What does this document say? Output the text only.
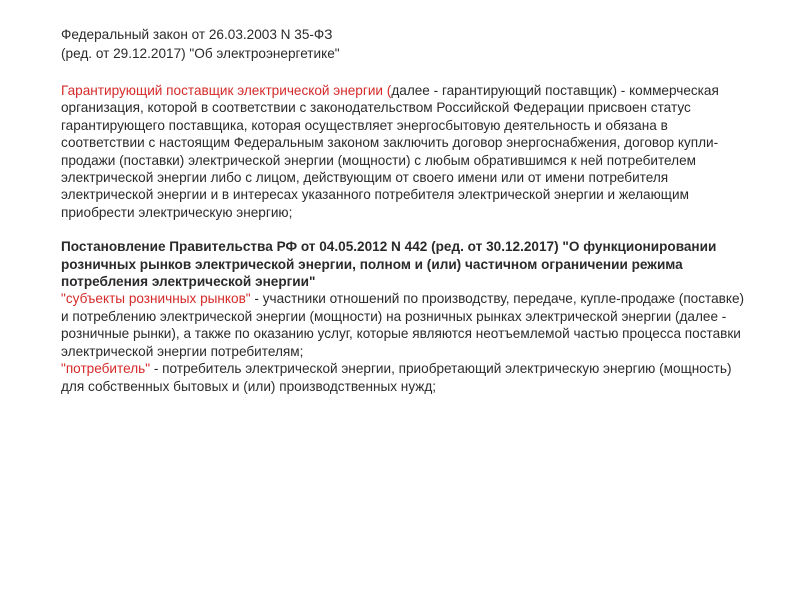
Федеральный закон от 26.03.2003 N 35-ФЗ
(ред. от 29.12.2017) "Об электроэнергетике"

Гарантирующий поставщик электрической энергии (далее - гарантирующий поставщик) - коммерческая организация, которой в соответствии с законодательством Российской Федерации присвоен статус гарантирующего поставщика, которая осуществляет энергосбытовую деятельность и обязана в соответствии с настоящим Федеральным законом заключить договор энергоснабжения, договор купли-продажи (поставки) электрической энергии (мощности) с любым обратившимся к ней потребителем электрической энергии либо с лицом, действующим от своего имени или от имени потребителя электрической энергии и в интересах указанного потребителя электрической энергии и желающим приобрести электрическую энергию;

Постановление Правительства РФ от 04.05.2012 N 442 (ред. от 30.12.2017) "О функционировании розничных рынков электрической энергии, полном и (или) частичном ограничении режима потребления электрической энергии"

"субъекты розничных рынков" - участники отношений по производству, передаче, купле-продаже (поставке) и потреблению электрической энергии (мощности) на розничных рынках электрической энергии (далее - розничные рынки), а также по оказанию услуг, которые являются неотъемлемой частью процесса поставки электрической энергии потребителям;

"потребитель" - потребитель электрической энергии, приобретающий электрическую энергию (мощность) для собственных бытовых и (или) производственных нужд;
